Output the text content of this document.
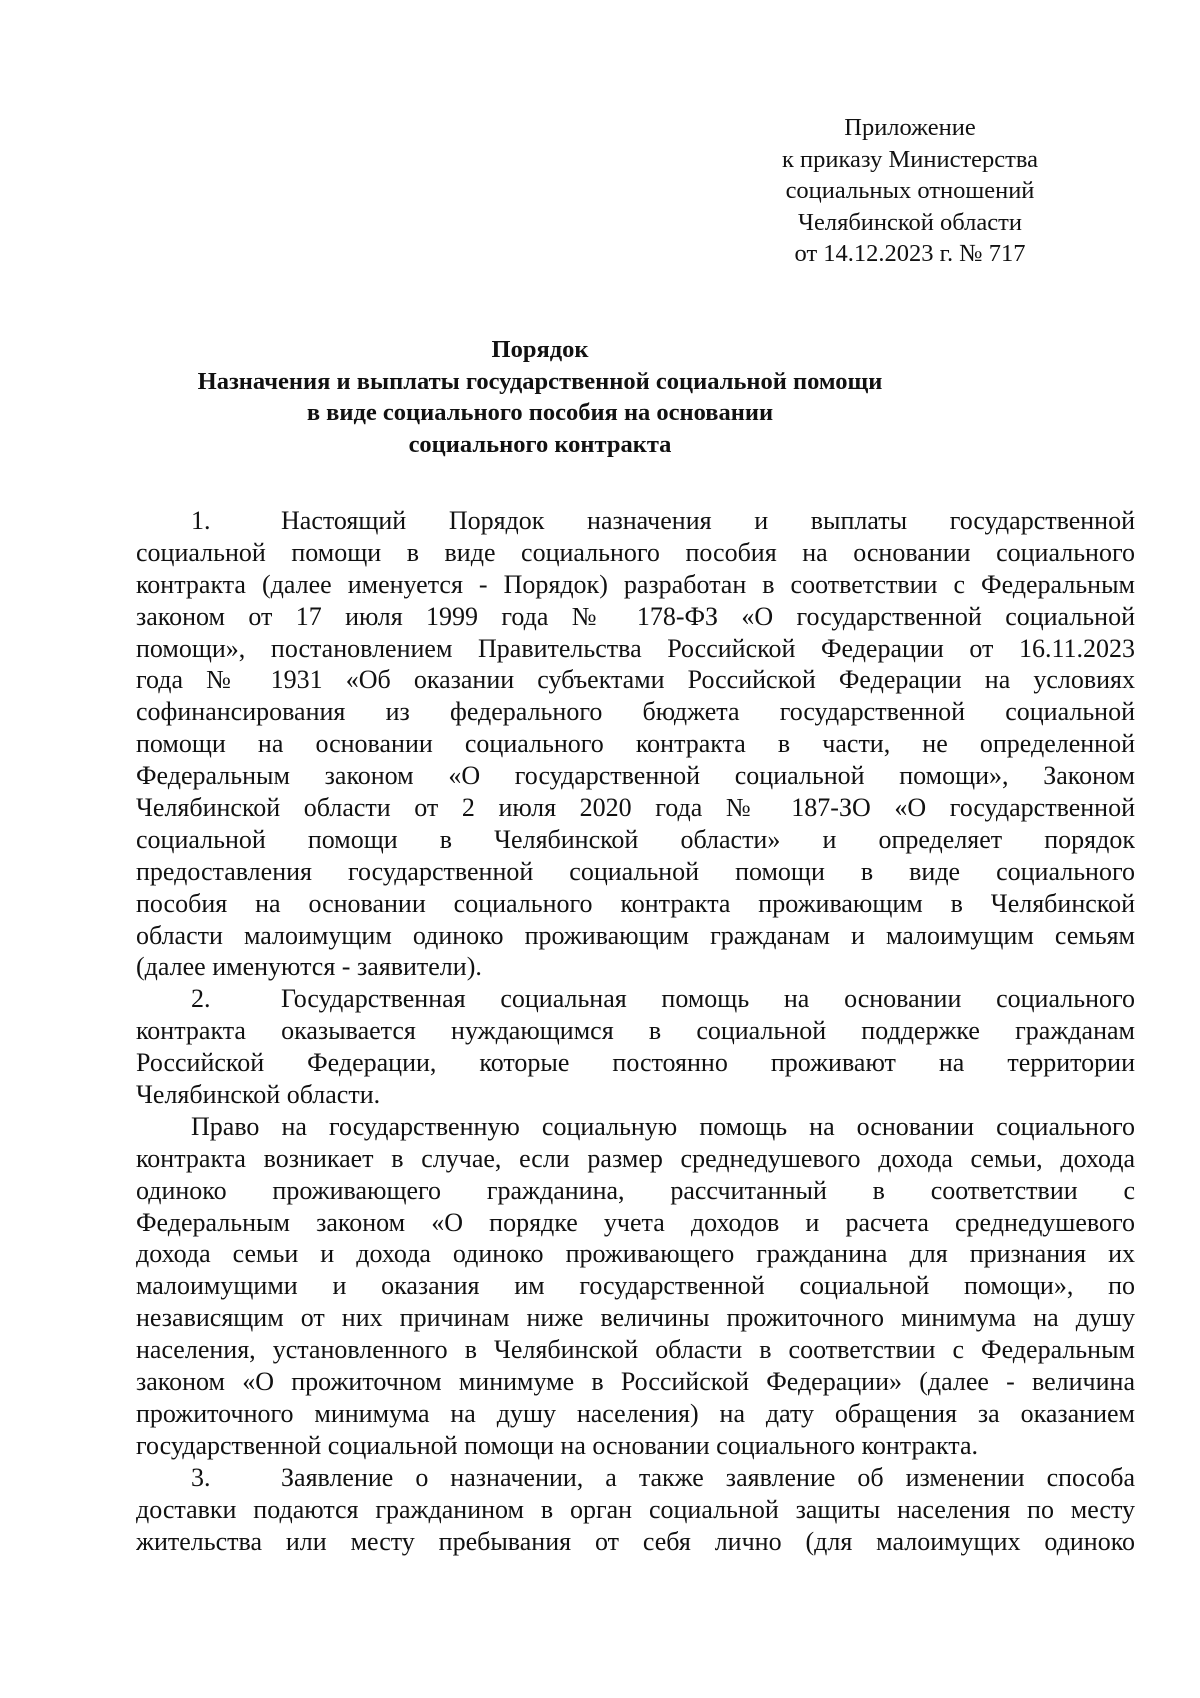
Приложение
к приказу Министерства
социальных отношений
Челябинской области
от 14.12.2023 г. № 717
Порядок
Назначения и выплаты государственной социальной помощи
в виде социального пособия на основании
социального контракта
1.	Настоящий Порядок назначения и выплаты государственной
социальной помощи в виде социального пособия на основании социального
контракта (далее именуется - Порядок) разработан в соответствии с Федеральным
законом от 17 июля 1999 года № 178-ФЗ «О государственной социальной
помощи», постановлением Правительства Российской Федерации от 16.11.2023
года № 1931 «Об оказании субъектами Российской Федерации на условиях
софинансирования из федерального бюджета государственной социальной
помощи на основании социального контракта в части, не определенной
Федеральным законом «О государственной социальной помощи», Законом
Челябинской области от 2 июля 2020 года № 187-ЗО «О государственной
социальной помощи в Челябинской области» и определяет порядок
предоставления государственной социальной помощи в виде социального
пособия на основании социального контракта проживающим в Челябинской
области малоимущим одиноко проживающим гражданам и малоимущим семьям
(далее именуются - заявители).
2.	Государственная социальная помощь на основании социального
контракта оказывается нуждающимся в социальной поддержке гражданам
Российской Федерации, которые постоянно проживают на территории
Челябинской области.
Право на государственную социальную помощь на основании социального
контракта возникает в случае, если размер среднедушевого дохода семьи, дохода
одиноко проживающего гражданина, рассчитанный в соответствии с
Федеральным законом «О порядке учета доходов и расчета среднедушевого
дохода семьи и дохода одиноко проживающего гражданина для признания их
малоимущими и оказания им государственной социальной помощи», по
независящим от них причинам ниже величины прожиточного минимума на душу
населения, установленного в Челябинской области в соответствии с Федеральным
законом «О прожиточном минимуме в Российской Федерации» (далее - величина
прожиточного минимума на душу населения) на дату обращения за оказанием
государственной социальной помощи на основании социального контракта.
3.	Заявление о назначении, а также заявление об изменении способа
доставки подаются гражданином в орган социальной защиты населения по месту
жительства или месту пребывания от себя лично (для малоимущих одиноко
